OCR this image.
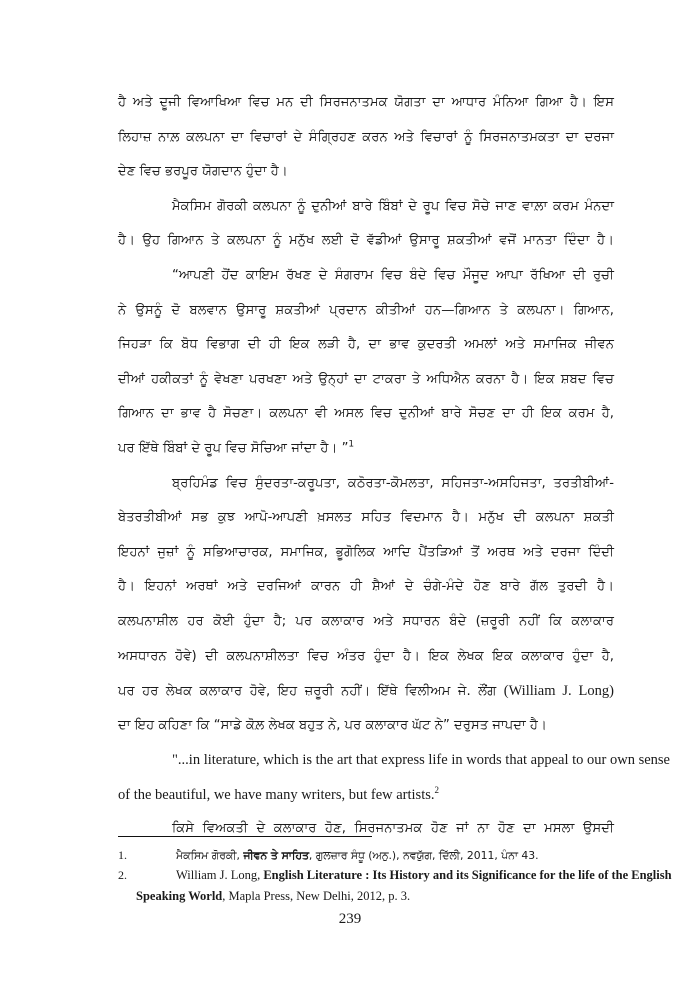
ਹੈ ਅਤੇ ਦੂਜੀ ਵਿਆਖਿਆ ਵਿਚ ਮਨ ਦੀ ਸਿਰਜਨਾਤਮਕ ਯੋਗਤਾ ਦਾ ਆਧਾਰ ਮੰਨਿਆ ਗਿਆ ਹੈ। ਇਸ
ਲਿਹਾਜ਼ ਨਾਲ਼ ਕਲਪਨਾ ਦਾ ਵਿਚਾਰਾਂ ਦੇ ਸੰਗ੍ਰਿਹਣ ਕਰਨ ਅਤੇ ਵਿਚਾਰਾਂ ਨੂੰ ਸਿਰਜਨਾਤਮਕਤਾ ਦਾ ਦਰਜਾ
ਦੇਣ ਵਿਚ ਭਰਪੂਰ ਯੋਗਦਾਨ ਹੁੰਦਾ ਹੈ।
ਮੈਕਸਿਮ ਗੋਰਕੀ ਕਲਪਨਾ ਨੂੰ ਦੁਨੀਆਂ ਬਾਰੇ ਬਿੰਬਾਂ ਦੇ ਰੂਪ ਵਿਚ ਸੋਚੇ ਜਾਣ ਵਾਲ਼ਾ ਕਰਮ ਮੰਨਦਾ
ਹੈ। ਉਹ ਗਿਆਨ ਤੇ ਕਲਪਨਾ ਨੂੰ ਮਨੁੱਖ ਲਈ ਦੋ ਵੱਡੀਆਂ ਉਸਾਰੂ ਸ਼ਕਤੀਆਂ ਵਜੋਂ ਮਾਨਤਾ ਦਿੰਦਾ ਹੈ।
“ਆਪਣੀ ਹੋਂਦ ਕਾਇਮ ਰੱਖਣ ਦੇ ਸੰਗਰਾਮ ਵਿਚ ਬੰਦੇ ਵਿਚ ਮੌਜੂਦ ਆਪਾ ਰੱਖਿਆ ਦੀ ਰੁਚੀ
ਨੇ ਉਸਨੂੰ ਦੋ ਬਲਵਾਨ ਉਸਾਰੂ ਸ਼ਕਤੀਆਂ ਪ੍ਰਦਾਨ ਕੀਤੀਆਂ ਹਨ—ਗਿਆਨ ਤੇ ਕਲਪਨਾ। ਗਿਆਨ,
ਜਿਹੜਾ ਕਿ ਬੋਧ ਵਿਭਾਗ ਦੀ ਹੀ ਇਕ ਲੜੀ ਹੈ, ਦਾ ਭਾਵ ਕੁਦਰਤੀ ਅਮਲਾਂ ਅਤੇ ਸਮਾਜਿਕ ਜੀਵਨ
ਦੀਆਂ ਹਕੀਕਤਾਂ ਨੂੰ ਵੇਖਣਾ ਪਰਖਣਾ ਅਤੇ ਉਨ੍ਹਾਂ ਦਾ ਟਾਕਰਾ ਤੇ ਅਧਿਐਨ ਕਰਨਾ ਹੈ। ਇਕ ਸ਼ਬਦ ਵਿਚ
ਗਿਆਨ ਦਾ ਭਾਵ ਹੈ ਸੋਚਣਾ। ਕਲਪਨਾ ਵੀ ਅਸਲ ਵਿਚ ਦੁਨੀਆਂ ਬਾਰੇ ਸੋਚਣ ਦਾ ਹੀ ਇਕ ਕਰਮ ਹੈ,
ਪਰ ਇੱਥੇ ਬਿੰਬਾਂ ਦੇ ਰੂਪ ਵਿਚ ਸੋਚਿਆ ਜਾਂਦਾ ਹੈ। ”$^1$
ਬ੍ਰਹਿਮੰਡ ਵਿਚ ਸੁੰਦਰਤਾ-ਕਰੂਪਤਾ, ਕਠੋਰਤਾ-ਕੋਮਲਤਾ, ਸਹਿਜਤਾ-ਅਸਹਿਜਤਾ, ਤਰਤੀਬੀਆਂ-
ਬੇਤਰਤੀਬੀਆਂ ਸਭ ਕੁਝ ਆਪੋ-ਆਪਣੀ ਖ਼ਸਲਤ ਸਹਿਤ ਵਿਦਮਾਨ ਹੈ। ਮਨੁੱਖ ਦੀ ਕਲਪਨਾ ਸ਼ਕਤੀ
ਇਹਨਾਂ ਜੁਜ਼ਾਂ ਨੂੰ ਸਭਿਆਚਾਰਕ, ਸਮਾਜਿਕ, ਭੂਗੋਲਿਕ ਆਦਿ ਪੈਂਤੜਿਆਂ ਤੋਂ ਅਰਥ ਅਤੇ ਦਰਜਾ ਦਿੰਦੀ
ਹੈ। ਇਹਨਾਂ ਅਰਥਾਂ ਅਤੇ ਦਰਜਿਆਂ ਕਾਰਨ ਹੀ ਸ਼ੈਆਂ ਦੇ ਚੰਗੇ-ਮੰਦੇ ਹੋਣ ਬਾਰੇ ਗੱਲ ਤੁਰਦੀ ਹੈ।
ਕਲਪਨਾਸ਼ੀਲ ਹਰ ਕੋਈ ਹੁੰਦਾ ਹੈ; ਪਰ ਕਲਾਕਾਰ ਅਤੇ ਸਧਾਰਨ ਬੰਦੇ (ਜ਼ਰੂਰੀ ਨਹੀਂ ਕਿ ਕਲਾਕਾਰ
ਅਸਧਾਰਨ ਹੋਵੇ) ਦੀ ਕਲਪਨਾਸ਼ੀਲਤਾ ਵਿਚ ਅੰਤਰ ਹੁੰਦਾ ਹੈ। ਇਕ ਲੇਖਕ ਇਕ ਕਲਾਕਾਰ ਹੁੰਦਾ ਹੈ,
ਪਰ ਹਰ ਲੇਖਕ ਕਲਾਕਾਰ ਹੋਵੇ, ਇਹ ਜ਼ਰੂਰੀ ਨਹੀਂ। ਇੱਥੇ ਵਿਲੀਅਮ ਜੇ. ਲੌਂਗ (William J. Long)
ਦਾ ਇਹ ਕਹਿਣਾ ਕਿ “ਸਾਡੇ ਕੋਲ਼ ਲੇਖਕ ਬਹੁਤ ਨੇ, ਪਰ ਕਲਾਕਾਰ ਘੱਟ ਨੇ” ਦਰੁਸਤ ਜਾਪਦਾ ਹੈ।
"...in literature, which is the art that express life in words that appeal to our own sense
of the beautiful, we have many writers, but few artists.$^2$
ਕਿਸੇ ਵਿਅਕਤੀ ਦੇ ਕਲਾਕਾਰ ਹੋਣ, ਸਿਰਜਨਾਤਮਕ ਹੋਣ ਜਾਂ ਨਾ ਹੋਣ ਦਾ ਮਸਲਾ ਉਸਦੀ
1.	ਮੈਕਸਿਮ ਗੋਰਕੀ, ਜੀਵਨ ਤੇ ਸਾਹਿਤ, ਗੁਲਜ਼ਾਰ ਸੰਧੂ (ਅਨੁ.), ਨਵਯੁੱਗ, ਦਿੱਲੀ, 2011, ਪੰਨਾ 43.
2.	William J. Long, English Literature : Its History and its Significance for the life of the English
Speaking World, Mapla Press, New Delhi, 2012, p. 3.
239
